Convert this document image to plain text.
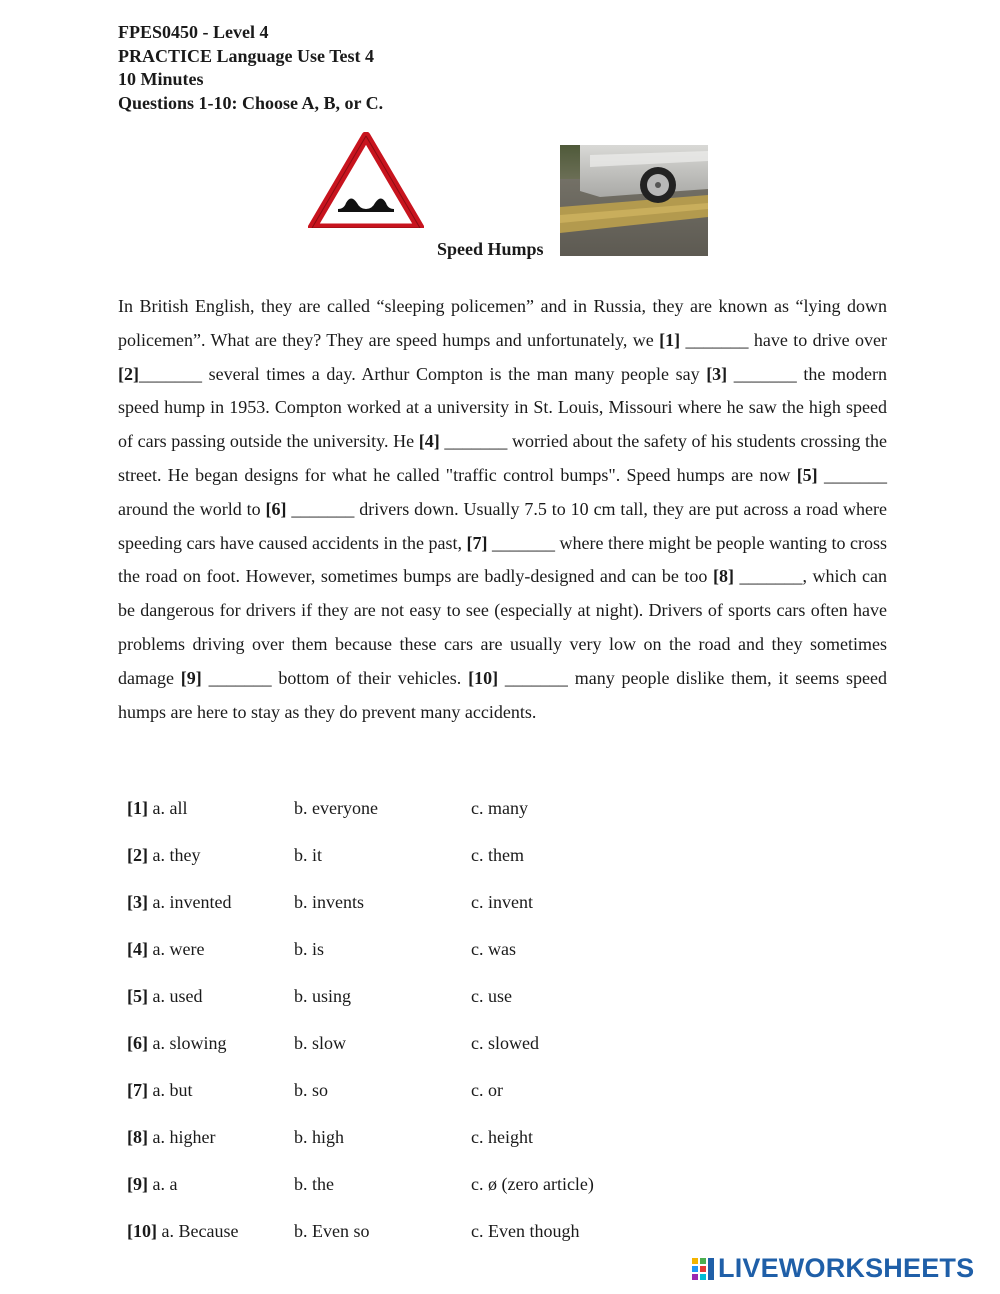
FPES0450 - Level 4
PRACTICE Language Use Test 4
10 Minutes
Questions 1-10: Choose A, B, or C.
Speed Humps

In British English, they are called “sleeping policemen” and in Russia, they are known as “lying down policemen”. What are they? They are speed humps and unfortunately, we [1] _______ have to drive over [2]_______ several times a day. Arthur Compton is the man many people say [3] _______ the modern speed hump in 1953. Compton worked at a university in St. Louis, Missouri where he saw the high speed of cars passing outside the university. He [4] _______ worried about the safety of his students crossing the street. He began designs for what he called "traffic control bumps". Speed humps are now [5] _______ around the world to [6] _______ drivers down. Usually 7.5 to 10 cm tall, they are put across a road where speeding cars have caused accidents in the past, [7] _______ where there might be people wanting to cross the road on foot. However, sometimes bumps are badly-designed and can be too [8] _______, which can be dangerous for drivers if they are not easy to see (especially at night). Drivers of sports cars often have problems driving over them because these cars are usually very low on the road and they sometimes damage [9] _______ bottom of their vehicles. [10] _______ many people dislike them, it seems speed humps are here to stay as they do prevent many accidents.

[1] a. all	b. everyone	c. many
[2] a. they	b. it	c. them
[3] a. invented	b. invents	c. invent
[4] a. were	b. is	c. was
[5] a. used	b. using	c. use
[6] a. slowing	b. slow	c. slowed
[7] a. but	b. so	c. or
[8] a. higher	b. high	c. height
[9] a. a	b. the	c. ø (zero article)
[10] a. Because	b. Even so	c. Even though
LIVEWORKSHEETS
